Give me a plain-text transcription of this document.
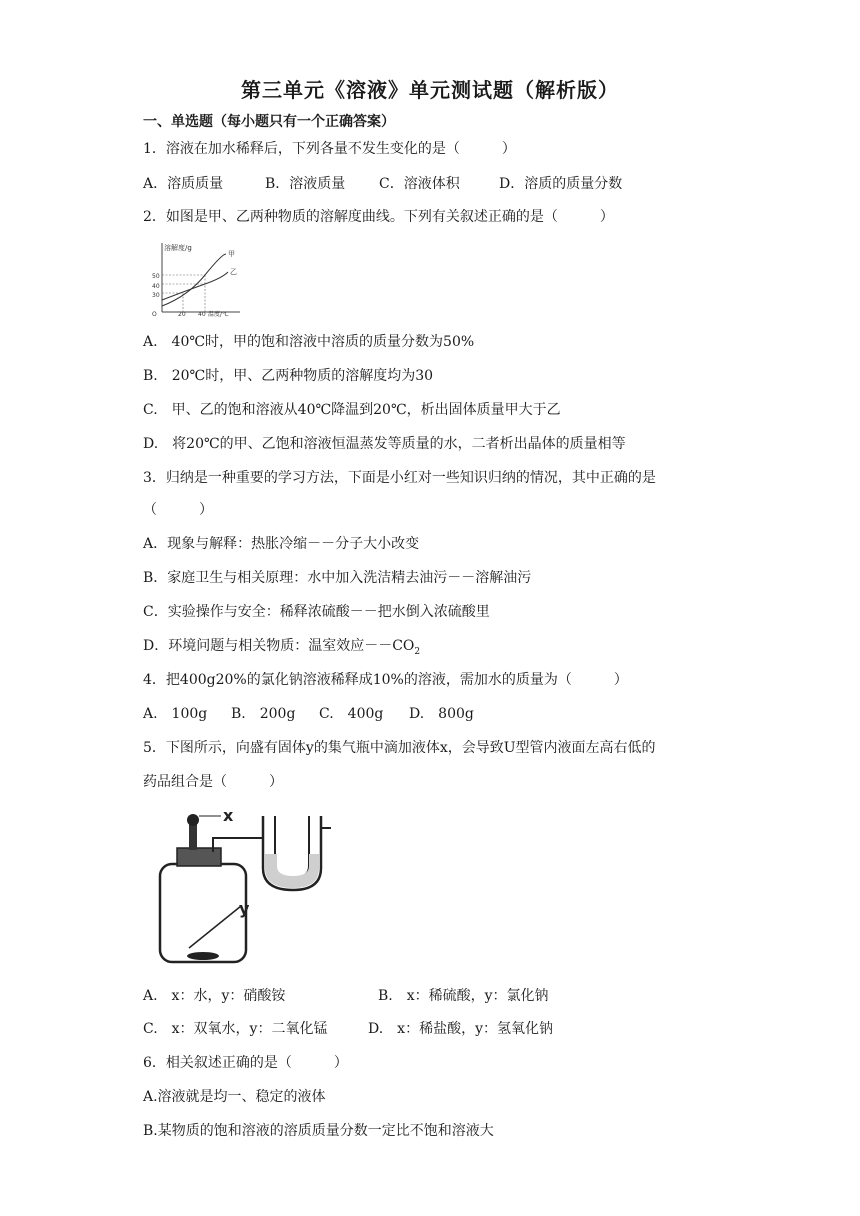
第三单元《溶液》单元测试题（解析版）
一、单选题（每小题只有一个正确答案）
1．溶液在加水稀释后，下列各量不发生变化的是（　　　）
A．溶质质量	B．溶液质量 C．溶液体积	D．溶质的质量分数
2．如图是甲、乙两种物质的溶解度曲线。下列有关叙述正确的是（　　　）
溶解度/g
50
40
30
O	20 40 温度/℃
甲
乙
A.　40℃时，甲的饱和溶液中溶质的质量分数为50%
B.　20℃时，甲、乙两种物质的溶解度均为30
C.　甲、乙的饱和溶液从40℃降温到20℃，析出固体质量甲大于乙
D.　将20℃的甲、乙饱和溶液恒温蒸发等质量的水，二者析出晶体的质量相等
3．归纳是一种重要的学习方法，下面是小红对一些知识归纳的情况，其中正确的是
（　　　）
A．现象与解释：热胀冷缩－－分子大小改变
B．家庭卫生与相关原理：水中加入洗洁精去油污－－溶解油污
C．实验操作与安全：稀释浓硫酸－－把水倒入浓硫酸里
D．环境问题与相关物质：温室效应$--CO_2$
4．把400g20%的氯化钠溶液稀释成10%的溶液，需加水的质量为（　　　）
A.　100g B.　200g C.　400g D.　800g
5．下图所示，向盛有固体y的集气瓶中滴加液体x，会导致U型管内液面左高右低的
药品组合是（　　　）
x
y
A.　x：水，y：硝酸铵	B.　x：稀硫酸，y：氯化钠
C.　x：双氧水，y：二氧化锰	D.　x：稀盐酸，y：氢氧化钠
6．相关叙述正确的是（　　　）
A.溶液就是均一、稳定的液体
B.某物质的饱和溶液的溶质质量分数一定比不饱和溶液大
